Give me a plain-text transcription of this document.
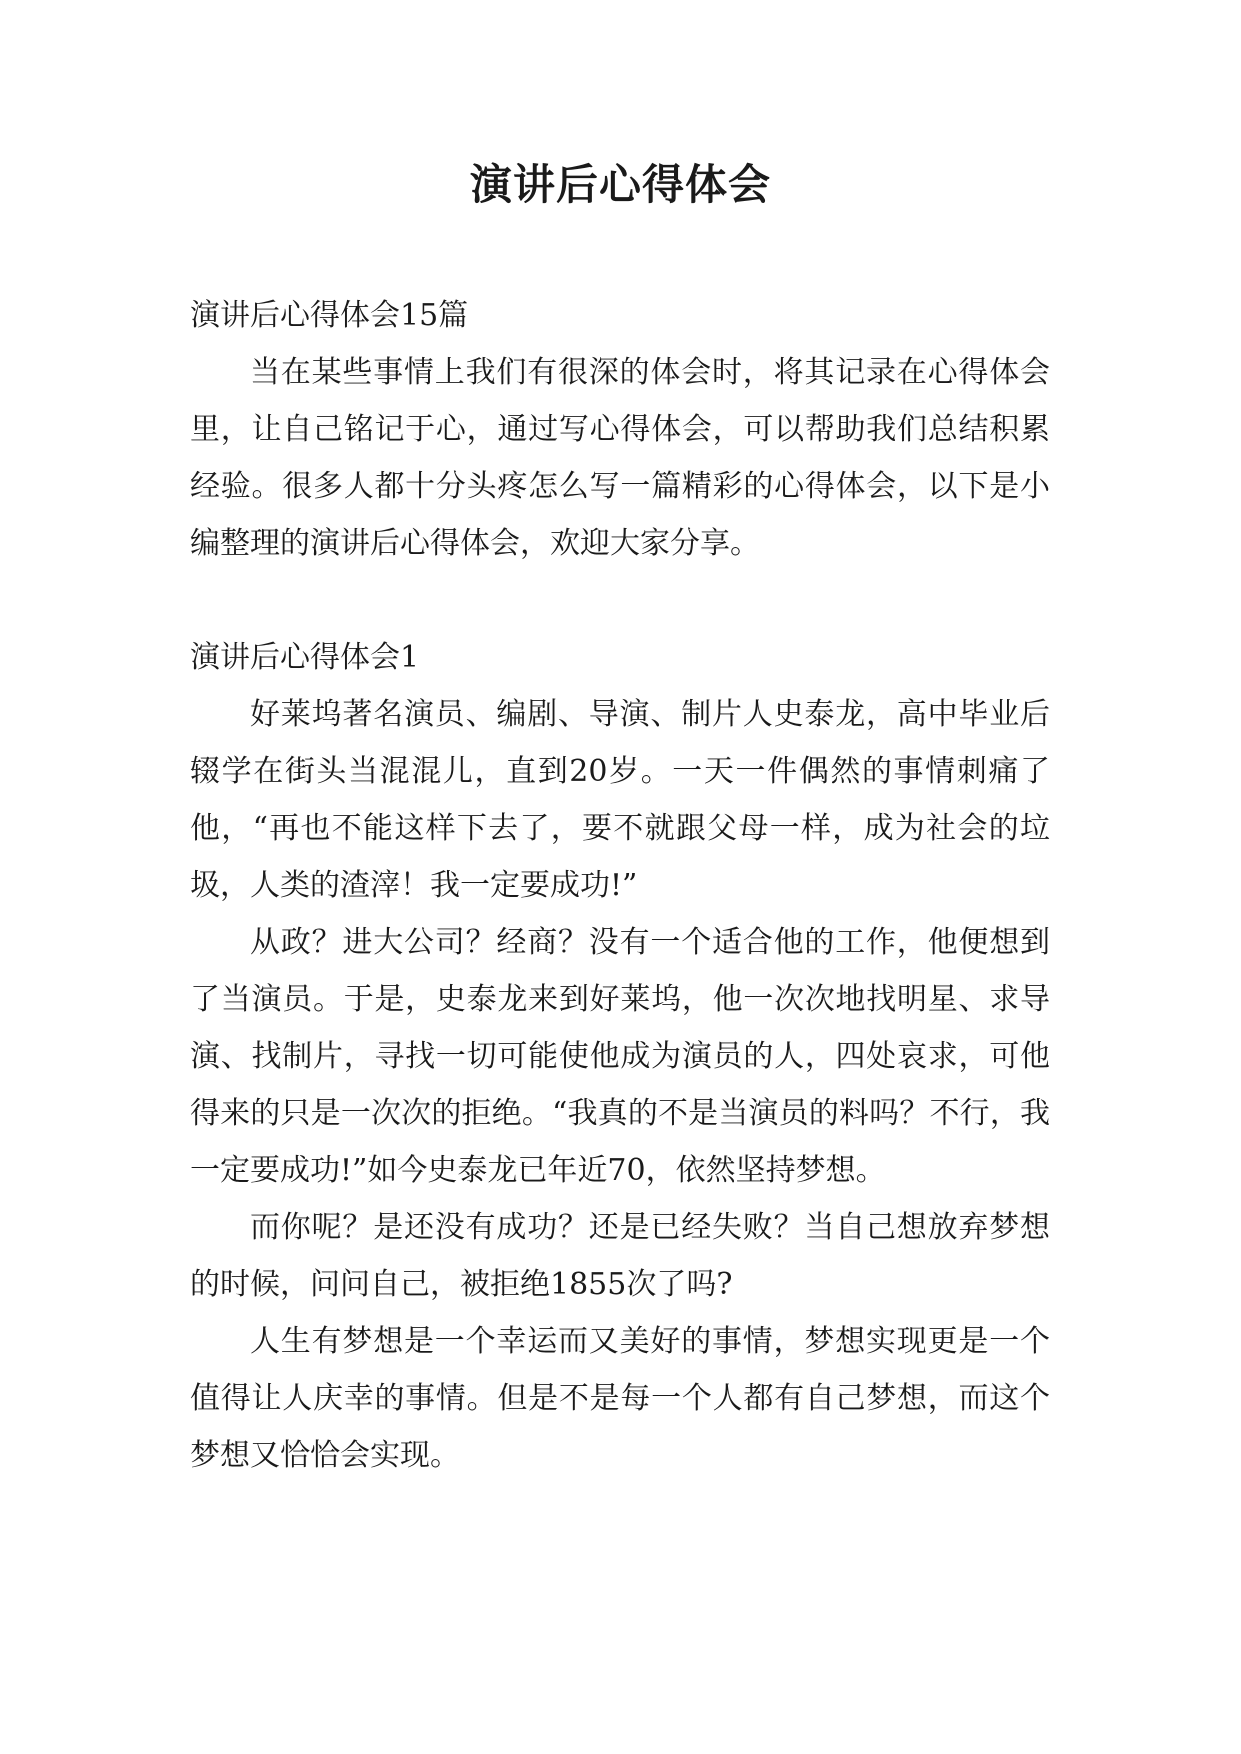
演讲后心得体会

演讲后心得体会15篇

当在某些事情上我们有很深的体会时，将其记录在心得体会里，让自己铭记于心，通过写心得体会，可以帮助我们总结积累经验。很多人都十分头疼怎么写一篇精彩的心得体会，以下是小编整理的演讲后心得体会，欢迎大家分享。

演讲后心得体会1

好莱坞著名演员、编剧、导演、制片人史泰龙，高中毕业后辍学在街头当混混儿，直到20岁。一天一件偶然的事情刺痛了他，“再也不能这样下去了，要不就跟父母一样，成为社会的垃圾，人类的渣滓！我一定要成功!”

从政？进大公司？经商？没有一个适合他的工作，他便想到了当演员。于是，史泰龙来到好莱坞，他一次次地找明星、求导演、找制片，寻找一切可能使他成为演员的人，四处哀求，可他得来的只是一次次的拒绝。“我真的不是当演员的料吗？不行，我一定要成功!”如今史泰龙已年近70，依然坚持梦想。

而你呢？是还没有成功？还是已经失败？当自己想放弃梦想的时候，问问自己，被拒绝1855次了吗?

人生有梦想是一个幸运而又美好的事情，梦想实现更是一个值得让人庆幸的事情。但是不是每一个人都有自己梦想，而这个梦想又恰恰会实现。
